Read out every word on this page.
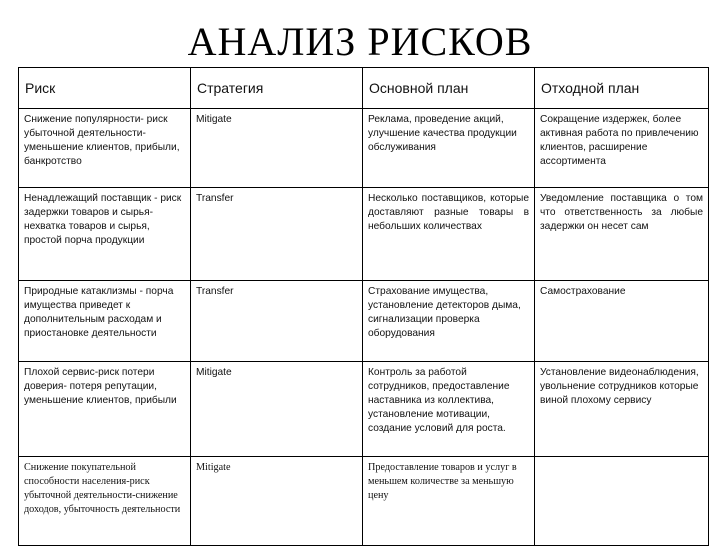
АНАЛИЗ РИСКОВ
Риск	Стратегия	Основной план	Отходной план
Снижение популярности- риск убыточной деятельности- уменьшение клиентов, прибыли, банкротство	Mitigate	Реклама, проведение акций, улучшение качества продукции обслуживания	Сокращение издержек, более активная работа по привлечению клиентов, расширение ассортимента
Ненадлежащий поставщик - риск задержки товаров и сырья- нехватка товаров и сырья, простой порча продукции	Transfer	Несколько поставщиков, которые доставляют разные товары в небольших количествах	Уведомление поставщика о том что ответственность за любые задержки он несет сам
Природные катаклизмы - порча имущества приведет к дополнительным расходам и приостановке деятельности	Transfer	Страхование имущества, установление детекторов дыма, сигнализации проверка оборудования	Самострахование
Плохой сервис-риск потери доверия- потеря репутации, уменьшение клиентов, прибыли	Mitigate	Контроль за работой сотрудников, предоставление наставника из коллектива, установление мотивации, создание условий для роста.	Установление видеонаблюдения, увольнение сотрудников которые виной плохому сервису
Снижение покупательной способности населения-риск убыточной деятельности-снижение доходов, убыточность деятельности	Mitigate	Предоставление товаров и услуг в меньшем количестве за меньшую цену	
